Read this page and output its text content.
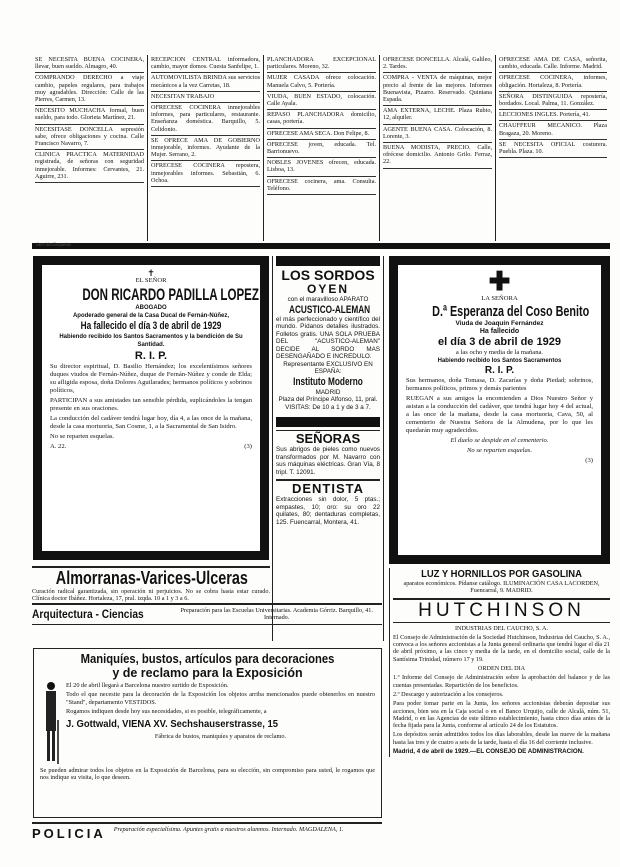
SE NECESITA BUENA COCINERA, llevar, buen sueldo. Almagro, 40.
COMPRANDO DERECHO a viaje cambio, papeles regulares, para trabajos muy agradables. Dirección: Calle de las Pierres, Carmen, 13.
NECESITO MUCHACHA formal, buen sueldo, para todo. Glorieta Martínez, 21.
NECESITASE DONCELLA sepresión sabe, ofrece obligaciones y cocina. Calle Francisco Navarro, 7.
CLINICA PRACTICA MATERNIDAD registrada, de señoras con seguridad inmejorable. Informes: Cervantes, 21. Aguirre, 231.
RECEPCION CENTRAL informadora, cambio, mayor domos. Cuesta Sanfelipe, 1.
AUTOMOVILISTA BRINDA sus servicios mecánicos a la vez Carretas, 18.
NECESITAN TRABAJO
OFRECESE COCINERA inmejorables informes, para particulares, restaurante. Enseñanza doméstica. Barquillo, 5. Celidonio.
SE OFRECE AMA DE GOBIERNO inmejorable, informes. Ayudante de la Mujer. Serrano, 2.
OFRECESE COCINERA repostera, inmejorables informes. Sebastián, 6. Ochoa.
PLANCHADORA EXCEPCIONAL particulares. Moreno, 32.
MUJER CASADA ofrece colocación. Manuela Calvo, 5. Portería.
VIUDA, BUEN ESTADO, colocación. Calle Ayala.
REPASO PLANCHADORA domicilio, casas, portería.
OFRECESE AMA SECA. Don Felipe, 8.
OFRECESE joven, educada. Tel. Barrionuevo.
NOBLES JOVENES ofrecen, educada. Lisboa, 13.
OFRECESE cocinera, ama. Consulta. Teléfono.
OFRECESE DONCELLA. Alcalá, Galileo, 2. Tardes.
COMPRA - VENTA de máquinas, mejor precio al frente de las mejores. Informes Buenavista, Pizarro. Reservado. Quintana Espada.
AMA EXTERNA, LECHE. Plaza Rubio, 12, alquiler.
AGENTE BUENA CASA. Colocación, 8. Lorente, 3.
BUENA MODISTA, PRECIO. Calle, ofrécese domicilio. Antonio Grilo. Ferraz, 22.
OFRECESE AMA DE CASA, señorita, cambio, educada. Calle. Informe. Madrid.
OFRECESE COCINERA, informes, obligación. Hortaleza, 8. Portería.
SEÑORA DISTINGUIDA repostería, bordados. Local. Palma, 11. González.
LECCIONES INGLES. Portería, 41.
CHAUFFEUR MECANICO. Plaza Bragaza, 20. Moreno.
SE NECESITA OFICIAL costurera. Puebla. Plaza. 10.
Sección Esquelas
✝
EL SEÑOR
DON RICARDO PADILLA LOPEZ
ABOGADO
Apoderado general de la Casa Ducal de Fernán-Núñez,
Ha fallecido el día 3 de abril de 1929
Habiendo recibido los Santos Sacramentos y la bendición de Su Santidad.
R. I. P.

Su director espiritual, D. Basilio Hernández; los excelentísimos señores duques viudos de Fernán-Núñez, duque de Fernán-Núñez y conde de Elda; su afligida esposa, doña Dolores Aguilarades; hermanos políticos y sobrinos políticos,

PARTICIPAN a sus amistades tan sensible pérdida, suplicándoles la tengan presente en sus oraciones.

La conducción del cadáver tendrá lugar hoy, día 4, a las once de la mañana, desde la casa mortuoria, San Cosme, 1, a la Sacramental de San Isidro.

No se reparten esquelas.

A. 22.	(3)
LOS SORDOS
OYEN
con el maravilloso APARATO
ACUSTICO-ALEMAN
el más perfeccionado y científico del mundo. Pídanos detalles ilustrados. Folletos gratis. UNA SOLA PRUEBA DEL "ACUSTICO-ALEMAN" DECIDE AL SORDO MAS DESENGAÑADO E INCREDULO.
Representante EXCLUSIVO EN ESPAÑA:
Instituto Moderno
MADRID
Plaza del Príncipe Alfonso, 11, pral.
VISITAS: De 10 a 1 y de 3 a 7.
SEÑORAS
Sus abrigos de pieles como nuevos transformados por M. Navarro con sus máquinas eléctricas. Gran Vía, 8 tripl. T. 12091.
DENTISTA
Extracciones sin dolor, 5 ptas.; empastes, 10; oro: su oro 22 quilates, 80; dentaduras completas, 125. Fuencarral, Montera, 41.
✚
LA SEÑORA
D.ª Esperanza del Coso Benito
Viuda de Joaquín Fernández
Ha fallecido
el día 3 de abril de 1929
a las ocho y media de la mañana.
Habiendo recibido los Santos Sacramentos
R. I. P.

Sus hermanos, doña Tomasa, D. Zacarías y doña Piedad; sobrinos, hermanos políticos, primos y demás parientes

RUEGAN a sus amigos la encomienden a Dios Nuestro Señor y asistan a la conducción del cadáver, que tendrá lugar hoy 4 del actual, a las once de la mañana, desde la casa mortuoria, Cava, 50, al cementerio de Nuestra Señora de la Almudena, por lo que les quedarán muy agradecidos.

El duelo se despide en el cementerio.

No se reparten esquelas.

(3)
Almorranas-Varices-Ulceras
Curación radical garantizada, sin operación ni perjuicios. No se cobra hasta estar curado. Clínica doctor Ibáñez. Hortaleza, 17, pral. izqda. 10 a 1 y 3 a 6.
Arquitectura - Ciencias	Preparación para las Escuelas Universitarias. Academia Górriz. Barquillo, 41. Internado.
Maniquíes, bustos, artículos para decoraciones
y de reclamo para la Exposición

El 20 de abril llegará a Barcelona nuestro surtido de Exposición.

Todo el que necesite para la decoración de la Exposición los objetos arriba mencionados puede obtenerlos en nuestro "Stand", departamento VESTIDOS.

Rogamos indiquen desde hoy sus necesidades, si es posible, telegráficamente, a

J. Gottwald, VIENA XV. Sechshauserstrasse, 15

Fábrica de bustos, maniquíes y aparatos de reclamo.

Se pueden admirar todos los objetos en la Exposición de Barcelona, para su elección, sin compromiso para usted, le rogamos que nos indique su visita, lo que deseen.

POLICIA Preparación especialísima. Apuntes gratis a nuestros alumnos. Internado. MAGDALENA, 1.
LUZ Y HORNILLOS POR GASOLINA
aparatos económicos. Pídanse catálogo. ILUMINACIÓN CASA LACORDEN, Fuencarral, 9. MADRID.
HUTCHINSON
INDUSTRIAS DEL CAUCHO, S. A.

El Consejo de Administración de la Sociedad Hutchinson, Industrias del Caucho, S. A., convoca a los señores accionistas a la Junta general ordinaria que tendrá lugar el día 21 de abril próximo, a las cinco y media de la tarde, en el domicilio social, calle de la Santísima Trinidad, número 17 y 19.

ORDEN DEL DIA

1.º Informe del Consejo de Administración sobre la aprobación del balance y de las cuentas presentadas. Repartición de los beneficios.

2.º Descargo y autorización a los consejeros.

Para poder tomar parte en la Junta, los señores accionistas deberán depositar sus acciones, bien sea en la Caja social o en el Banco Urquijo, calle de Alcalá, núm. 51, Madrid, o en las Agencias de este último establecimiento, hasta cinco días antes de la fecha fijada para la Junta, conforme al artículo 24 de los Estatutos.

Los depósitos serán admitidos todos los días laborables, desde las nueve de la mañana hasta las tres y de cuatro a seis de la tarde, hasta el día 16 del corriente inclusive.

Madrid, 4 de abril de 1929.—EL CONSEJO DE ADMINISTRACION.
